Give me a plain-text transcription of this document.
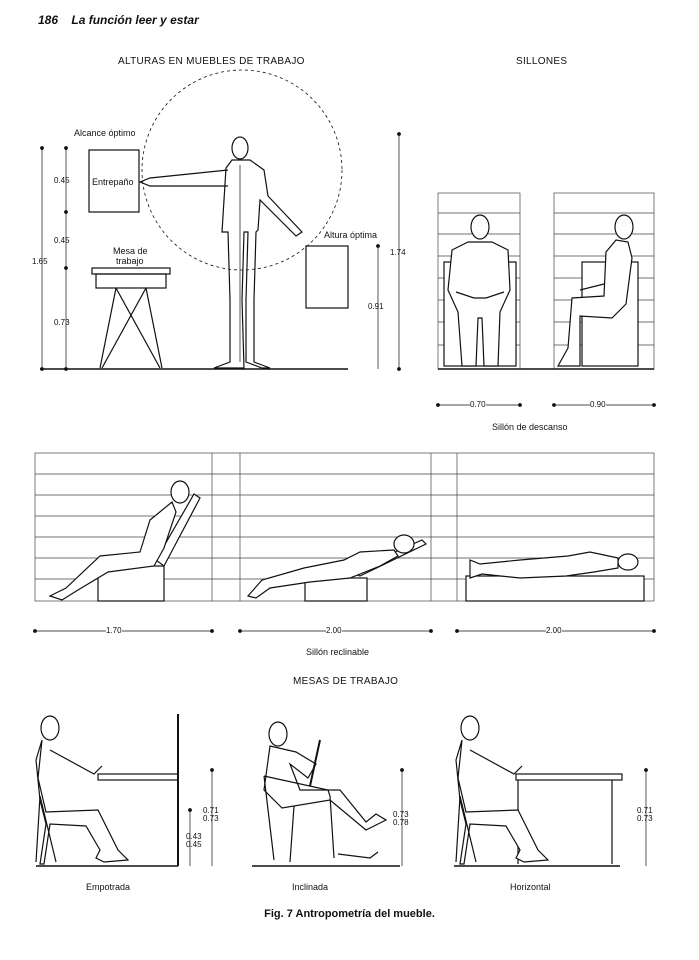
186 La función leer y estar
ALTURAS EN MUEBLES DE TRABAJO	SILLONES
MESAS DE TRABAJO
Alcance óptimo
Entrepaño
Mesa de
trabajo
Altura óptima
1.65
0.45
0.45
0.73
1.74
0.91
0.70	0.90
Sillón de descanso
1.70	2.00	2.00
Sillón reclinable
0.71
0.73
0.43
0.45
0.73
0.78
0.71
0.73
Empotrada	Inclinada	Horizontal
Fig. 7 Antropometría del mueble.
